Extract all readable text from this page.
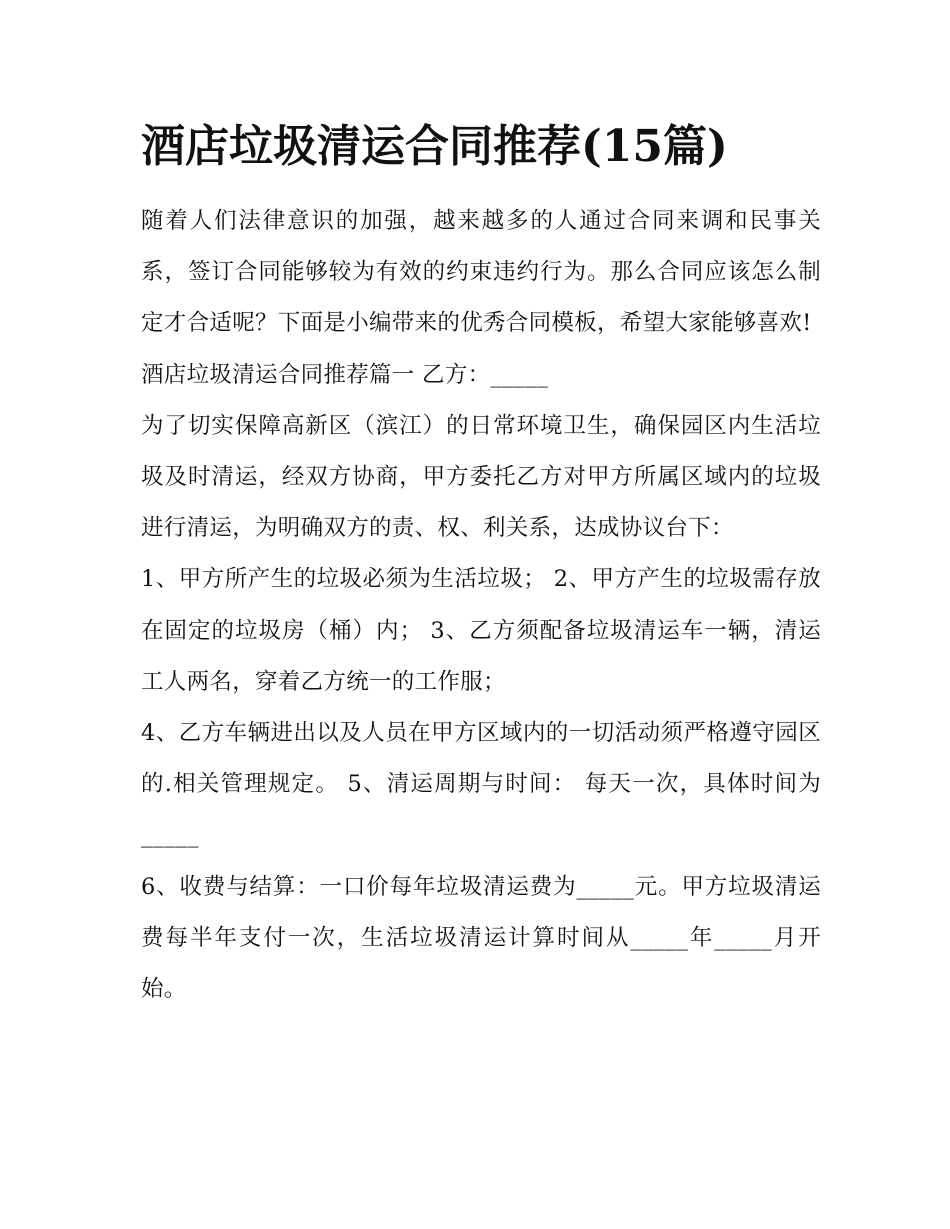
酒店垃圾清运合同推荐(15篇)

随着人们法律意识的加强，越来越多的人通过合同来调和民事关系，签订合同能够较为有效的约束违约行为。那么合同应该怎么制定才合适呢？下面是小编带来的优秀合同模板，希望大家能够喜欢!

酒店垃圾清运合同推荐篇一 乙方：_____

为了切实保障高新区（滨江）的日常环境卫生，确保园区内生活垃圾及时清运，经双方协商，甲方委托乙方对甲方所属区域内的垃圾进行清运，为明确双方的责、权、利关系，达成协议台下：

1、甲方所产生的垃圾必须为生活垃圾； 2、甲方产生的垃圾需存放在固定的垃圾房（桶）内； 3、乙方须配备垃圾清运车一辆，清运工人两名，穿着乙方统一的工作服；

4、乙方车辆进出以及人员在甲方区域内的一切活动须严格遵守园区的.相关管理规定。 5、清运周期与时间： 每天一次，具体时间为_____

6、收费与结算：一口价每年垃圾清运费为_____元。甲方垃圾清运费每半年支付一次，生活垃圾清运计算时间从_____年_____月开始。
